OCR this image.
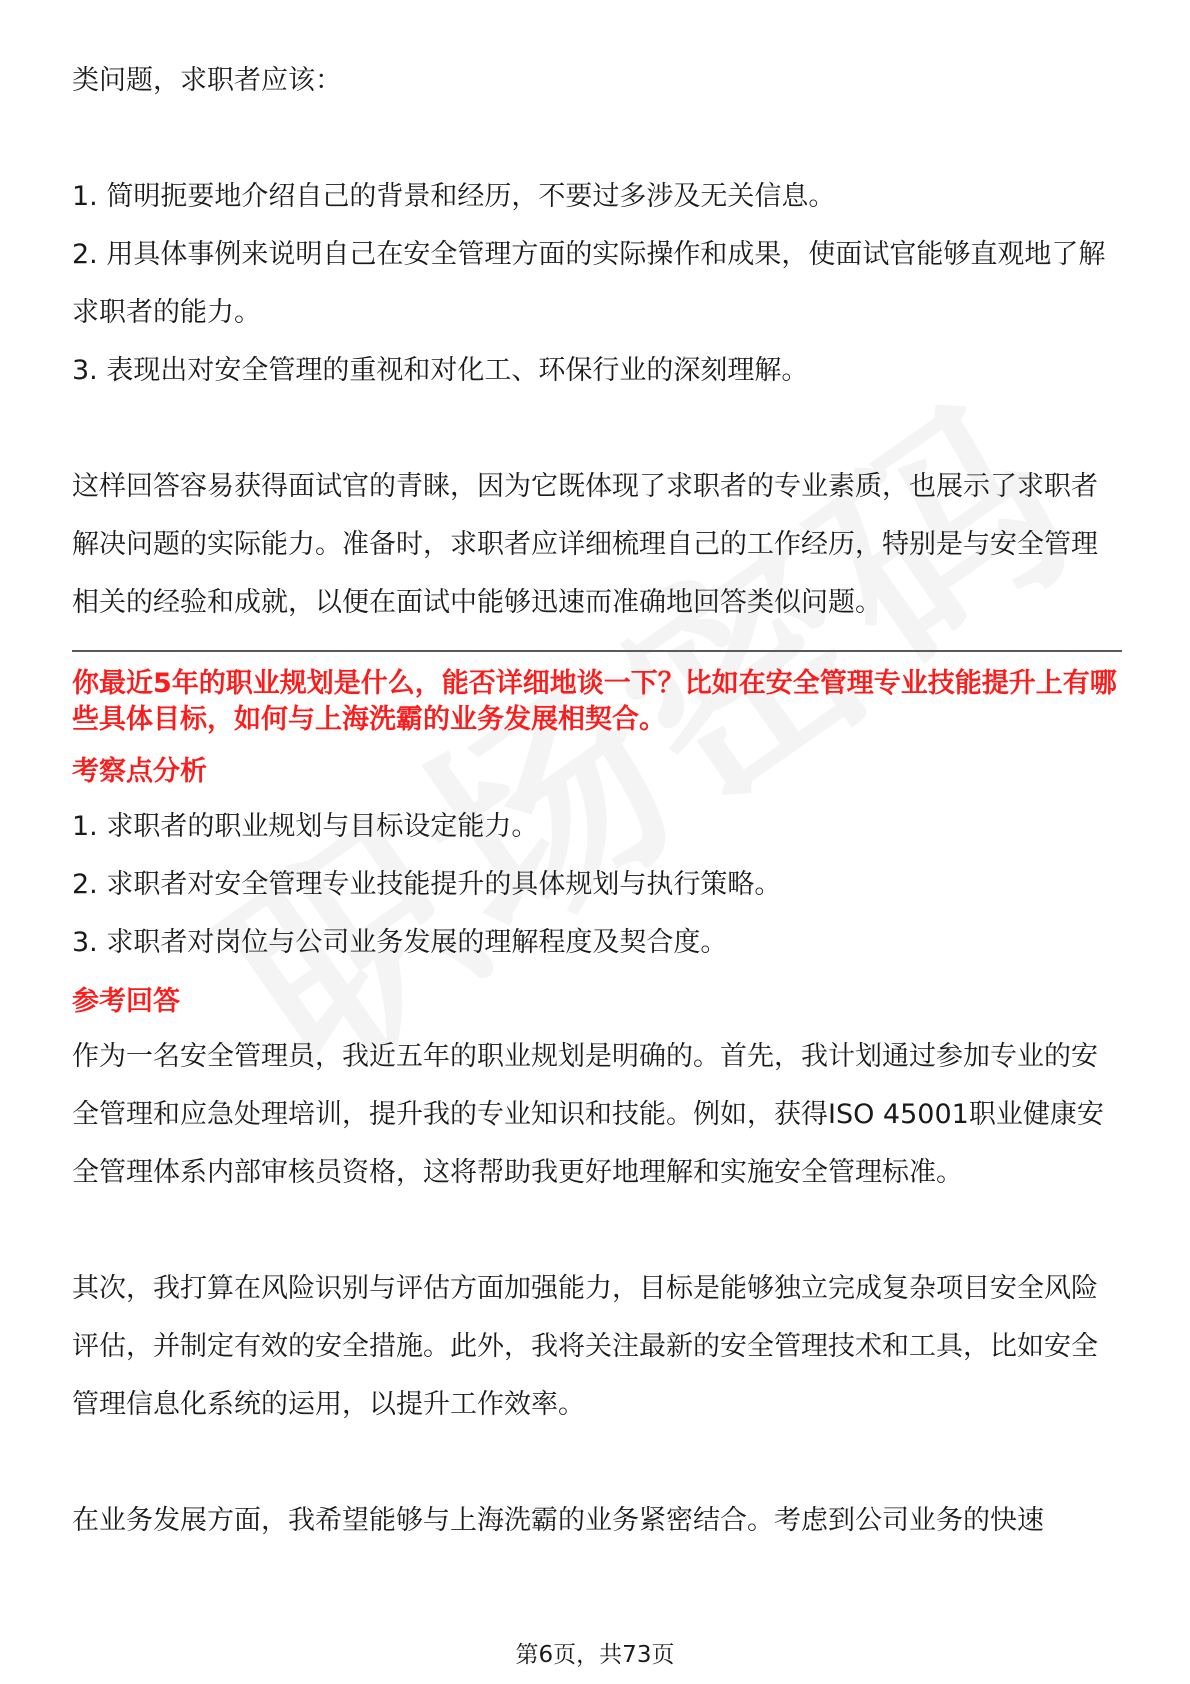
类问题，求职者应该：

1. 简明扼要地介绍自己的背景和经历，不要过多涉及无关信息。

2. 用具体事例来说明自己在安全管理方面的实际操作和成果，使面试官能够直观地了解求职者的能力。

3. 表现出对安全管理的重视和对化工、环保行业的深刻理解。

这样回答容易获得面试官的青睐，因为它既体现了求职者的专业素质，也展示了求职者解决问题的实际能力。准备时，求职者应详细梳理自己的工作经历，特别是与安全管理相关的经验和成就，以便在面试中能够迅速而准确地回答类似问题。

你最近5年的职业规划是什么，能否详细地谈一下？比如在安全管理专业技能提升上有哪些具体目标，如何与上海洗霸的业务发展相契合。

考察点分析

1. 求职者的职业规划与目标设定能力。

2. 求职者对安全管理专业技能提升的具体规划与执行策略。

3. 求职者对岗位与公司业务发展的理解程度及契合度。

参考回答

作为一名安全管理员，我近五年的职业规划是明确的。首先，我计划通过参加专业的安全管理和应急处理培训，提升我的专业知识和技能。例如，获得ISO 45001职业健康安全管理体系内部审核员资格，这将帮助我更好地理解和实施安全管理标准。

其次，我打算在风险识别与评估方面加强能力，目标是能够独立完成复杂项目安全风险评估，并制定有效的安全措施。此外，我将关注最新的安全管理技术和工具，比如安全管理信息化系统的运用，以提升工作效率。

在业务发展方面，我希望能够与上海洗霸的业务紧密结合。考虑到公司业务的快速

第6页，共73页
